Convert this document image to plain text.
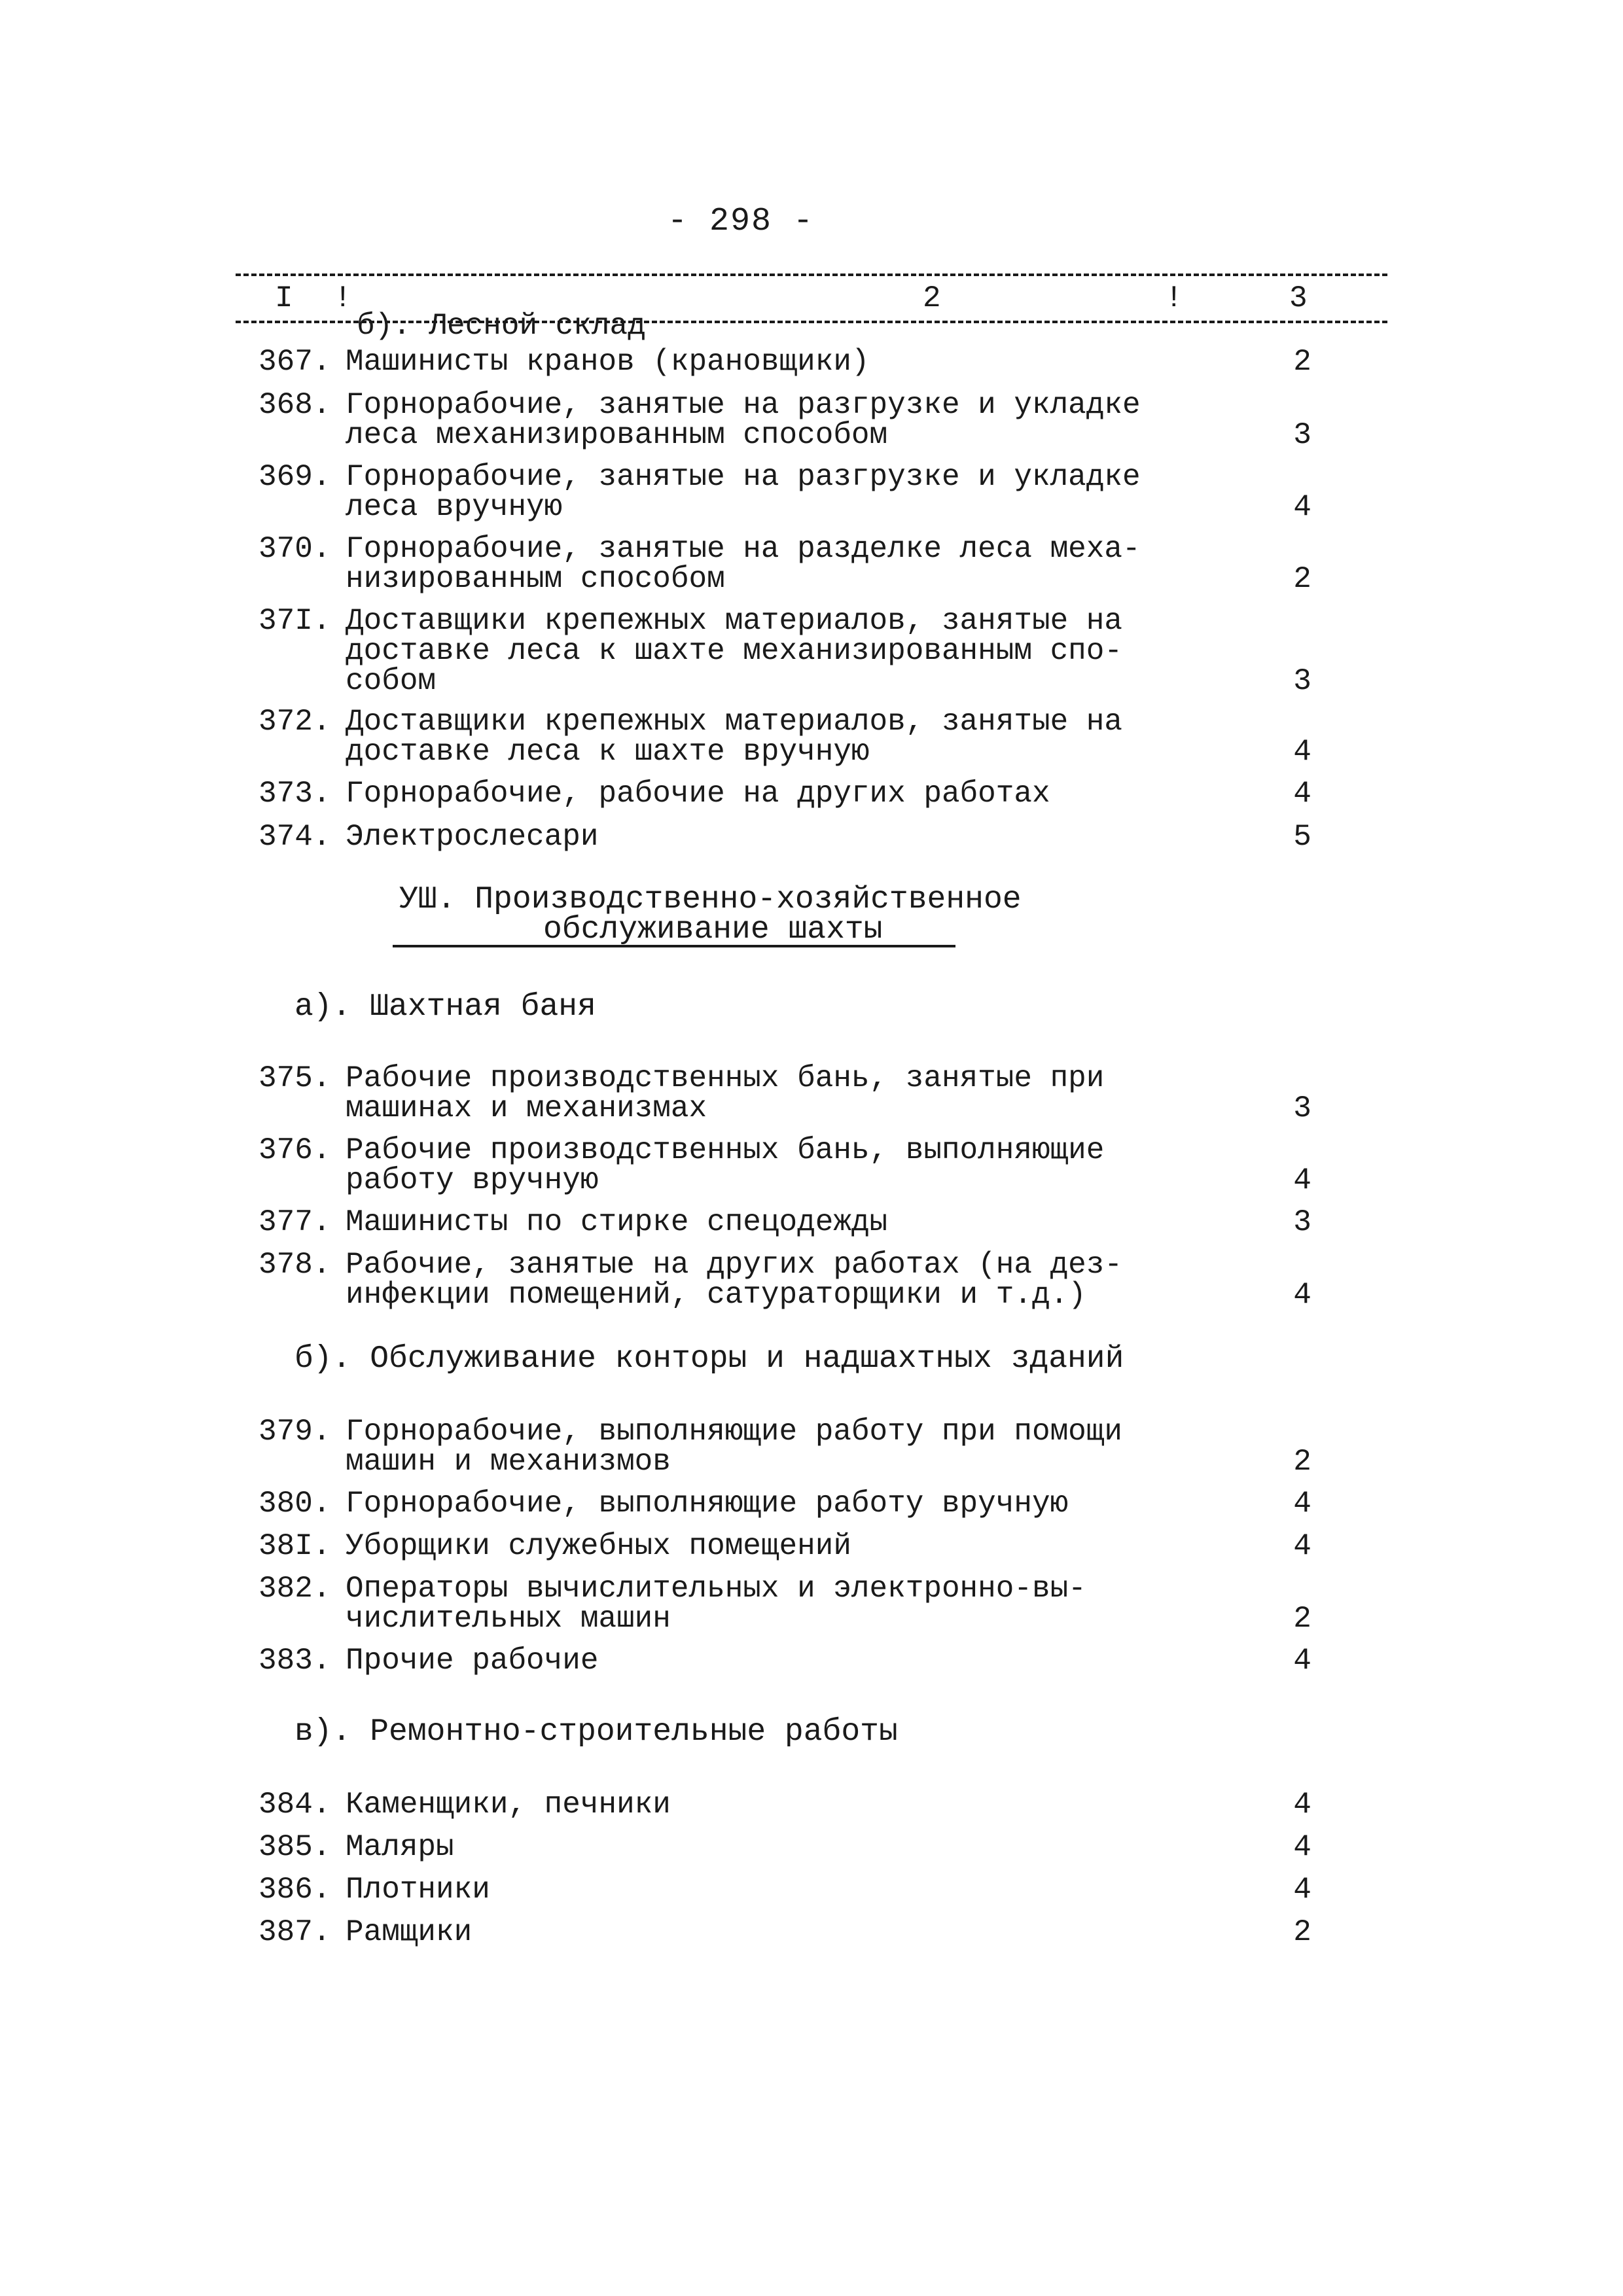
- 298 -
I !	2	!	3
б). Лесной склад
367. Машинисты кранов (крановщики)	2
368. Горнорабочие, занятые на разгрузке и укладке
леса механизированным способом	3
369. Горнорабочие, занятые на разгрузке и укладке
леса вручную	4
370. Горнорабочие, занятые на разделке леса меха-
низированным способом	2
37I. Доставщики крепежных материалов, занятые на
доставке леса к шахте механизированным спо-
собом	3
372. Доставщики крепежных материалов, занятые на
доставке леса к шахте вручную	4
373. Горнорабочие, рабочие на других работах	4
374. Электрослесари	5
УШ. Производственно-хозяйственное
обслуживание шахты
а). Шахтная баня
375. Рабочие производственных бань, занятые при
машинах и механизмах	3
376. Рабочие производственных бань, выполняющие
работу вручную	4
377. Машинисты по стирке спецодежды	3
378. Рабочие, занятые на других работах (на дез-
инфекции помещений, сатураторщики и т.д.)	4
б). Обслуживание конторы и надшахтных зданий
379. Горнорабочие, выполняющие работу при помощи
машин и механизмов	2
380. Горнорабочие, выполняющие работу вручную	4
38I. Уборщики служебных помещений	4
382. Операторы вычислительных и электронно-вы-
числительных машин	2
383. Прочие рабочие	4
в). Ремонтно-строительные работы
384. Каменщики, печники	4
385. Маляры	4
386. Плотники	4
387. Рамщики	2
